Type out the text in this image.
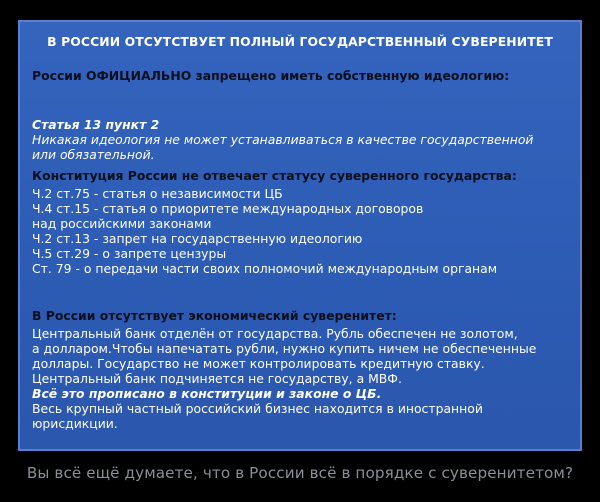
В РОССИИ ОТСУТСТВУЕТ ПОЛНЫЙ ГОСУДАРСТВЕННЫЙ СУВЕРЕНИТЕТ

России ОФИЦИАЛЬНО запрещено иметь собственную идеологию:

Статья 13 пункт 2

Никакая идеология не может устанавливаться в качестве государственной

или обязательной.

Конституция России не отвечает статусу суверенного государства:

Ч.2 ст.75 - статья о независимости ЦБ

Ч.4 ст.15 - статья о приоритете международных договоров

над российскими законами

Ч.2 ст.13 - запрет на государственную идеологию

Ч.5 ст.29 - о запрете цензуры

Ст. 79 - о передачи части своих полномочий международным органам

В России отсутствует экономический суверенитет:

Центральный банк отделён от государства. Рубль обеспечен не золотом,

а долларом.Чтобы напечатать рубли, нужно купить ничем не обеспеченные

доллары. Государство не может контролировать кредитную ставку.

Центральный банк подчиняется не государству, а МВФ.

Всё это прописано в конституции и законе о ЦБ.

Весь крупный частный российский бизнес находится в иностранной

юрисдикции.

Вы всё ещё думаете, что в России всё в порядке с суверенитетом?
